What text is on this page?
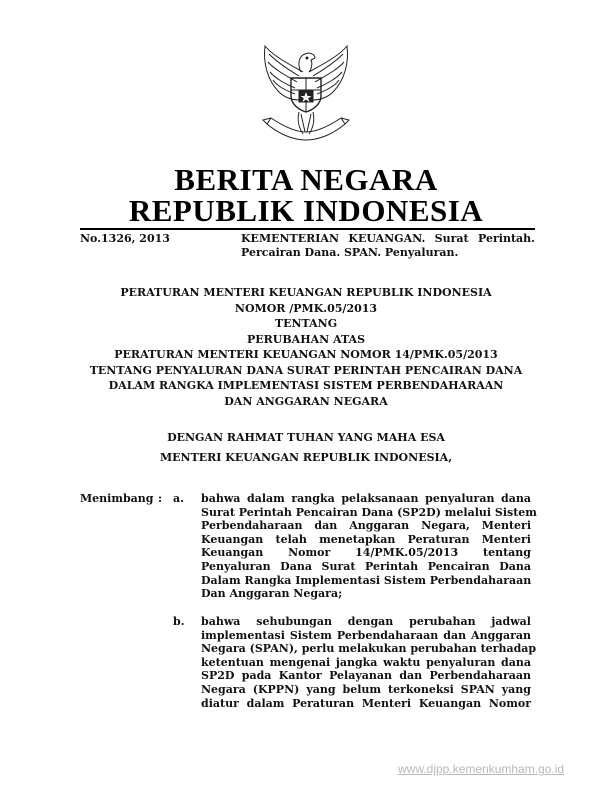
BERITA NEGARA
REPUBLIK INDONESIA
No.1326, 2013	KEMENTERIAN KEUANGAN. Surat Perintah.
Percairan Dana. SPAN. Penyaluran.
PERATURAN MENTERI KEUANGAN REPUBLIK INDONESIA
NOMOR /PMK.05/2013
TENTANG
PERUBAHAN ATAS
PERATURAN MENTERI KEUANGAN NOMOR 14/PMK.05/2013
TENTANG PENYALURAN DANA SURAT PERINTAH PENCAIRAN DANA
DALAM RANGKA IMPLEMENTASI SISTEM PERBENDAHARAAN
DAN ANGGARAN NEGARA
DENGAN RAHMAT TUHAN YANG MAHA ESA
MENTERI KEUANGAN REPUBLIK INDONESIA,
Menimbang : a. bahwa dalam rangka pelaksanaan penyaluran dana
Surat Perintah Pencairan Dana (SP2D) melalui Sistem
Perbendaharaan dan Anggaran Negara, Menteri
Keuangan telah menetapkan Peraturan Menteri
Keuangan Nomor 14/PMK.05/2013 tentang
Penyaluran Dana Surat Perintah Pencairan Dana
Dalam Rangka Implementasi Sistem Perbendaharaan
Dan Anggaran Negara;
b. bahwa sehubungan dengan perubahan jadwal
implementasi Sistem Perbendaharaan dan Anggaran
Negara (SPAN), perlu melakukan perubahan terhadap
ketentuan mengenai jangka waktu penyaluran dana
SP2D pada Kantor Pelayanan dan Perbendaharaan
Negara (KPPN) yang belum terkoneksi SPAN yang
diatur dalam Peraturan Menteri Keuangan Nomor
www.djpp.kemenkumham.go.id
